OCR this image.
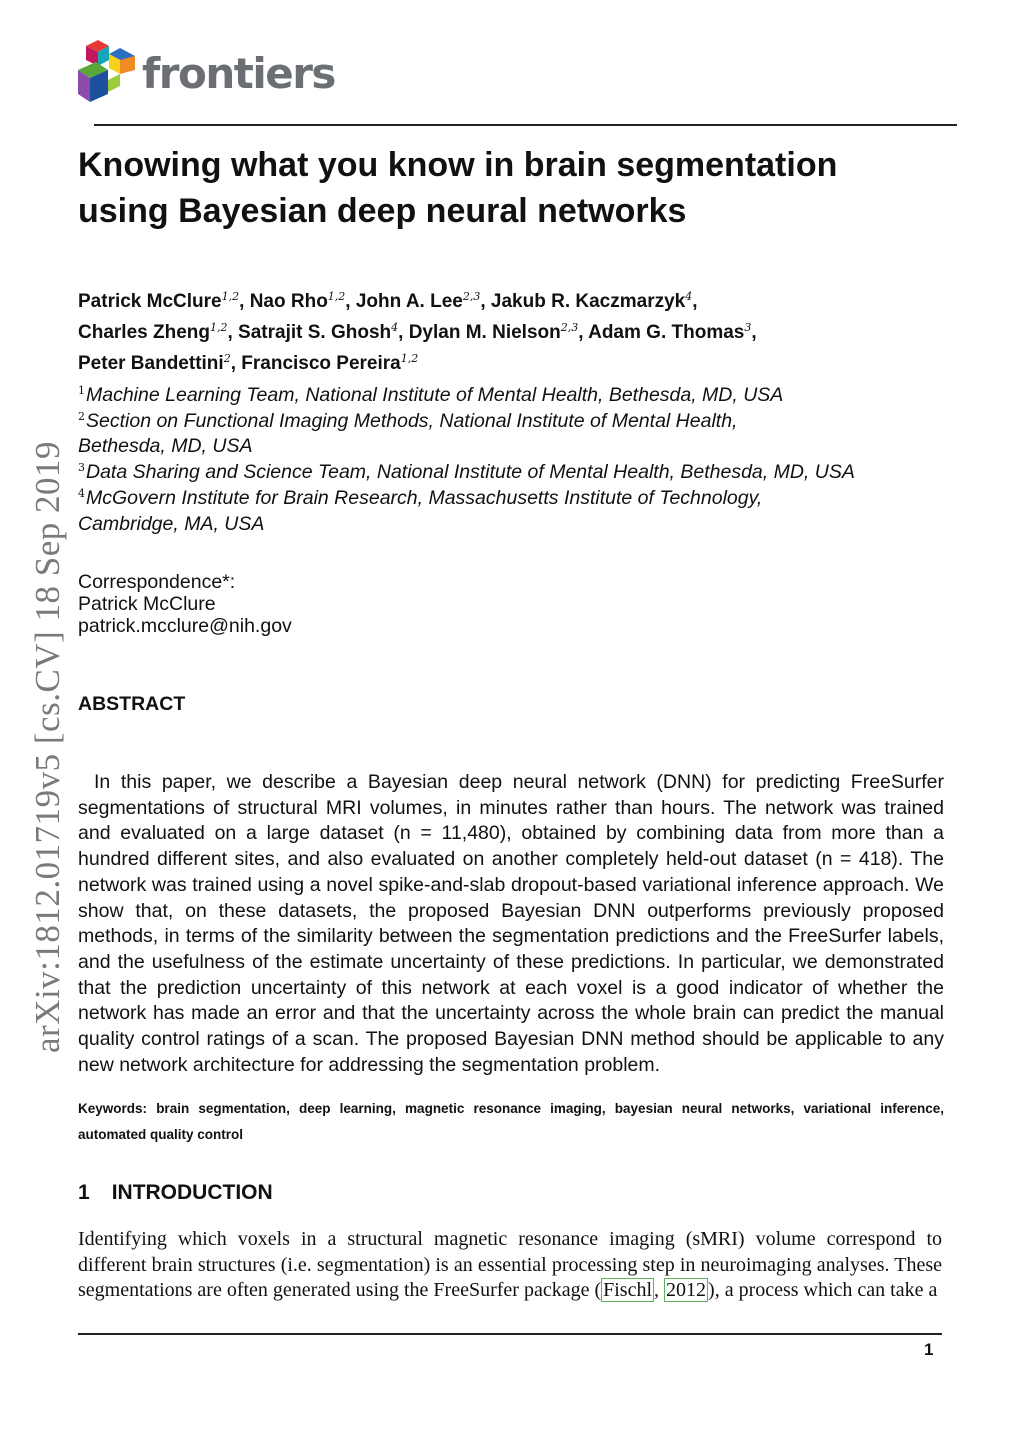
frontiers
arXiv:1812.01719v5 [cs.CV] 18 Sep 2019
Knowing what you know in brain segmentation using Bayesian deep neural networks
Patrick McClure$^{1,2}$, Nao Rho$^{1,2}$, John A. Lee$^{2,3}$, Jakub R. Kaczmarzyk$^4$,
Charles Zheng$^{1,2}$, Satrajit S. Ghosh$^4$, Dylan M. Nielson$^{2,3}$, Adam G. Thomas$^3$,
Peter Bandettini$^2$, Francisco Pereira$^{1,2}$
$^1$Machine Learning Team, National Institute of Mental Health, Bethesda, MD, USA
$^2$Section on Functional Imaging Methods, National Institute of Mental Health, Bethesda, MD, USA
$^3$Data Sharing and Science Team, National Institute of Mental Health, Bethesda, MD, USA
$^4$McGovern Institute for Brain Research, Massachusetts Institute of Technology, Cambridge, MA, USA
Correspondence*:
Patrick McClure
patrick.mcclure@nih.gov
ABSTRACT
In this paper, we describe a Bayesian deep neural network (DNN) for predicting FreeSurfer segmentations of structural MRI volumes, in minutes rather than hours. The network was trained and evaluated on a large dataset (n = 11,480), obtained by combining data from more than a hundred different sites, and also evaluated on another completely held-out dataset (n = 418). The network was trained using a novel spike-and-slab dropout-based variational inference approach. We show that, on these datasets, the proposed Bayesian DNN outperforms previously proposed methods, in terms of the similarity between the segmentation predictions and the FreeSurfer labels, and the usefulness of the estimate uncertainty of these predictions. In particular, we demonstrated that the prediction uncertainty of this network at each voxel is a good indicator of whether the network has made an error and that the uncertainty across the whole brain can predict the manual quality control ratings of a scan. The proposed Bayesian DNN method should be applicable to any new network architecture for addressing the segmentation problem.
Keywords: brain segmentation, deep learning, magnetic resonance imaging, bayesian neural networks, variational inference, automated quality control
1 INTRODUCTION
Identifying which voxels in a structural magnetic resonance imaging (sMRI) volume correspond to different brain structures (i.e. segmentation) is an essential processing step in neuroimaging analyses. These segmentations are often generated using the FreeSurfer package ( Fischl , 2012 ), a process which can take a
1
